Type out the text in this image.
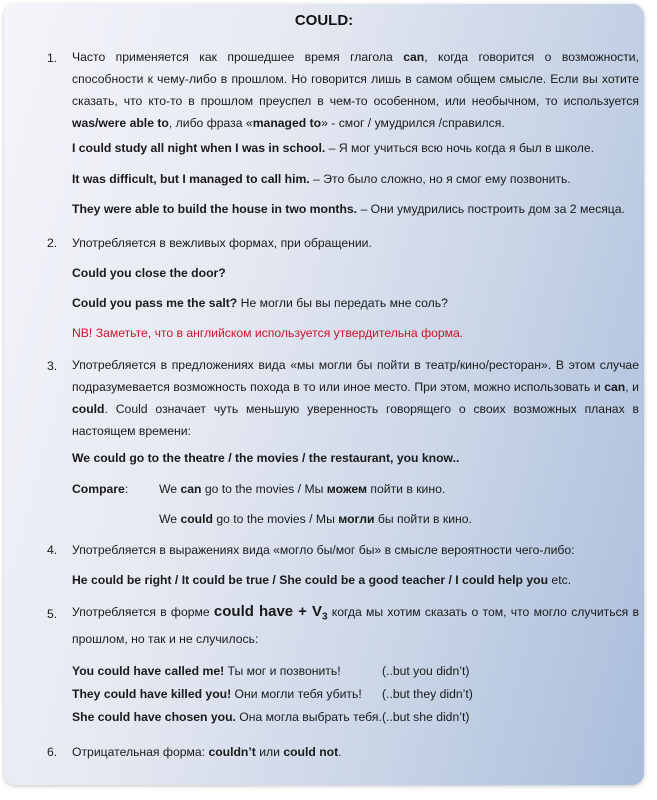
COULD:
1. Часто применяется как прошедшее время глагола can, когда говорится о возможности, способности к чему-либо в прошлом. Но говорится лишь в самом общем смысле. Если вы хотите сказать, что кто-то в прошлом преуспел в чем-то особенном, или необычном, то используется was/were able to, либо фраза «managed to» - смог / умудрился /справился.
I could study all night when I was in school. – Я мог учиться всю ночь когда я был в школе.
It was difficult, but I managed to call him. – Это было сложно, но я смог ему позвонить.
They were able to build the house in two months. – Они умудрились построить дом за 2 месяца.
2. Употребляется в вежливых формах, при обращении.
Could you close the door?
Could you pass me the salt? Не могли бы вы передать мне соль?
NB! Заметьте, что в английском используется утвердительна форма.
3. Употребляется в предложениях вида «мы могли бы пойти в театр/кино/ресторан». В этом случае подразумевается возможность похода в то или иное место. При этом, можно использовать и can, и could. Could означает чуть меньшую уверенность говорящего о своих возможных планах в настоящем времени:
We could go to the theatre / the movies / the restaurant, you know..
Compare:	We can go to the movies / Мы можем пойти в кино.
We could go to the movies / Мы могли бы пойти в кино.
4. Употребляется в выражениях вида «могло бы/мог бы» в смысле вероятности чего-либо:
He could be right / It could be true / She could be a good teacher / I could help you etc.
5. Употребляется в форме could have + $V_3$ когда мы хотим сказать о том, что могло случиться в прошлом, но так и не случилось:
You could have called me! Ты мог и позвонить!	(..but you didn’t)
They could have killed you! Они могли тебя убить! (..but they didn’t)
She could have chosen you. Она могла выбрать тебя. (..but she didn’t)
6. Отрицательная форма: couldn’t или could not.
